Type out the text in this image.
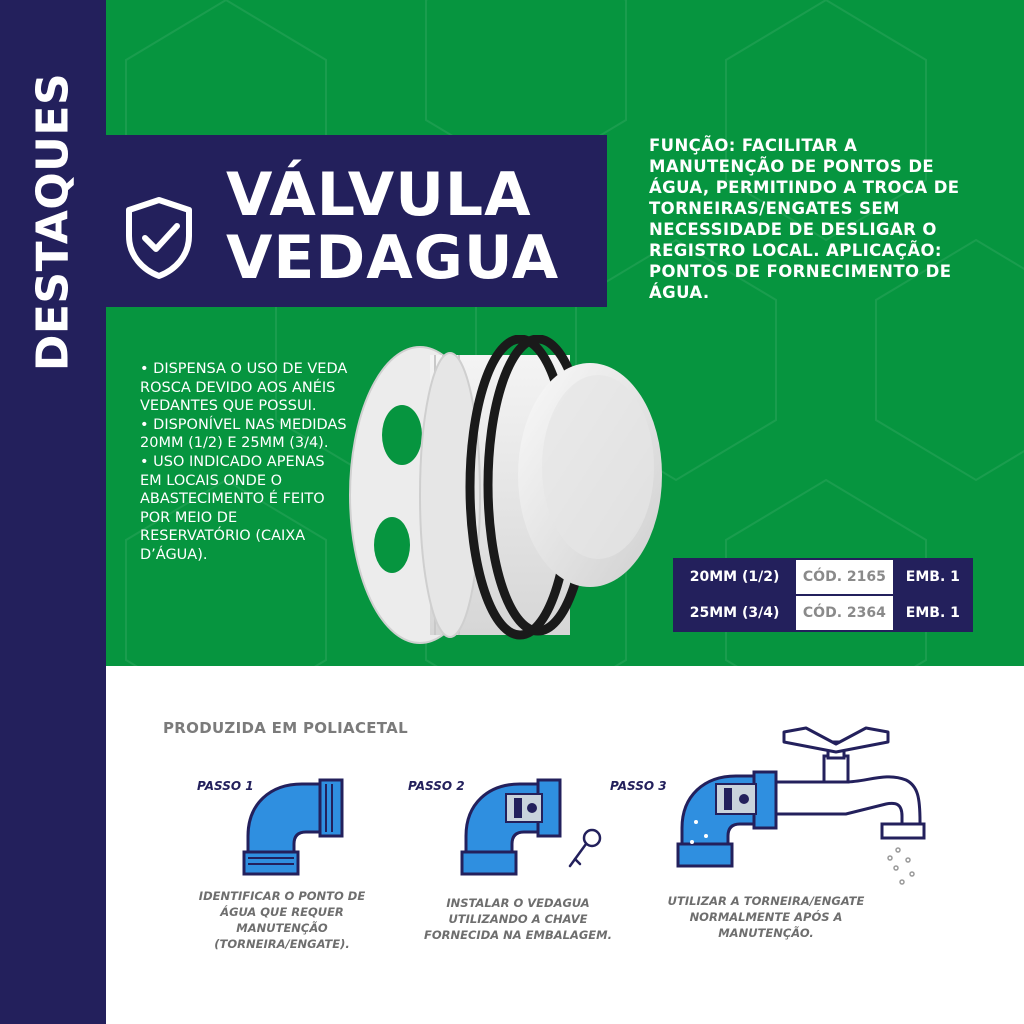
DESTAQUES VÁLVULA
VEDAGUA
FUNÇÃO: FACILITAR A MANUTENÇÃO DE PONTOS DE ÁGUA, PERMITINDO A TROCA DE TORNEIRAS/ENGATES SEM NECESSIDADE DE DESLIGAR O REGISTRO LOCAL. APLICAÇÃO: PONTOS DE FORNECIMENTO DE ÁGUA.

• DISPENSA O USO DE VEDA ROSCA DEVIDO AOS ANÉIS VEDANTES QUE POSSUI.

• DISPONÍVEL NAS MEDIDAS 20MM (1/2) E 25MM (3/4).

• USO INDICADO APENAS EM LOCAIS ONDE O ABASTECIMENTO É FEITO POR MEIO DE RESERVATÓRIO (CAIXA D’ÁGUA).

20MM (1/2)	CÓD. 2165	EMB. 1
25MM (3/4)	CÓD. 2364	EMB. 1
PRODUZIDA EM POLIACETAL
PASSO 1
IDENTIFICAR O PONTO DE ÁGUA QUE REQUER MANUTENÇÃO (TORNEIRA/ENGATE).
PASSO 2
INSTALAR O VEDAGUA UTILIZANDO A CHAVE FORNECIDA NA EMBALAGEM.
PASSO 3
UTILIZAR A TORNEIRA/ENGATE NORMALMENTE APÓS A MANUTENÇÃO.
